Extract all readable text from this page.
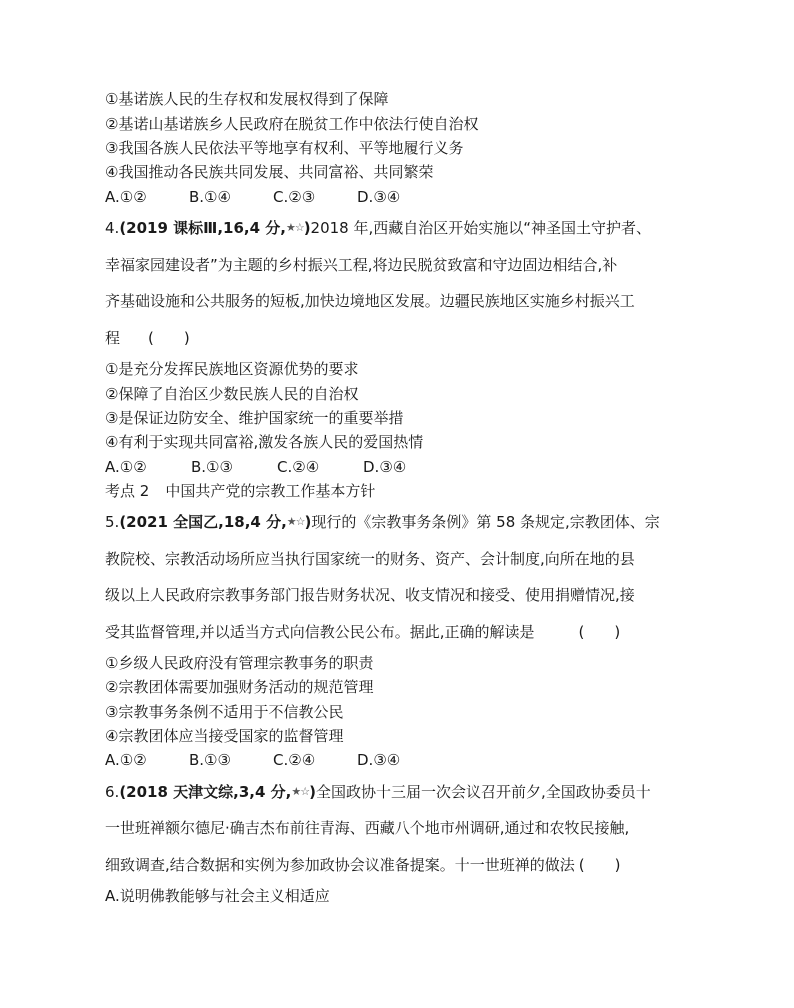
①基诺族人民的生存权和发展权得到了保障
②基诺山基诺族乡人民政府在脱贫工作中依法行使自治权
③我国各族人民依法平等地享有权利、平等地履行义务
④我国推动各民族共同发展、共同富裕、共同繁荣
A.①②	B.①④	C.②③	D.③④
4.(2019 课标Ⅲ,16,4 分,★☆)2018 年,西藏自治区开始实施以“神圣国土守护者、
幸福家园建设者”为主题的乡村振兴工程,将边民脱贫致富和守边固边相结合,补
齐基础设施和公共服务的短板,加快边境地区发展。边疆民族地区实施乡村振兴工
程 (　　)
①是充分发挥民族地区资源优势的要求
②保障了自治区少数民族人民的自治权
③是保证边防安全、维护国家统一的重要举措
④有利于实现共同富裕,激发各族人民的爱国热情
A.①②	B.①③	C.②④	D.③④
考点 2 中国共产党的宗教工作基本方针
5.(2021 全国乙,18,4 分,★☆)现行的《宗教事务条例》第 58 条规定,宗教团体、宗
教院校、宗教活动场所应当执行国家统一的财务、资产、会计制度,向所在地的县
级以上人民政府宗教事务部门报告财务状况、收支情况和接受、使用捐赠情况,接
受其监督管理,并以适当方式向信教公民公布。据此,正确的解读是	(　　)
①乡级人民政府没有管理宗教事务的职责
②宗教团体需要加强财务活动的规范管理
③宗教事务条例不适用于不信教公民
④宗教团体应当接受国家的监督管理
A.①②	B.①③	C.②④	D.③④
6.(2018 天津文综,3,4 分,★☆)全国政协十三届一次会议召开前夕,全国政协委员十
一世班禅额尔德尼·确吉杰布前往青海、西藏八个地市州调研,通过和农牧民接触,
细致调查,结合数据和实例为参加政协会议准备提案。十一世班禅的做法 (　　)
A.说明佛教能够与社会主义相适应
